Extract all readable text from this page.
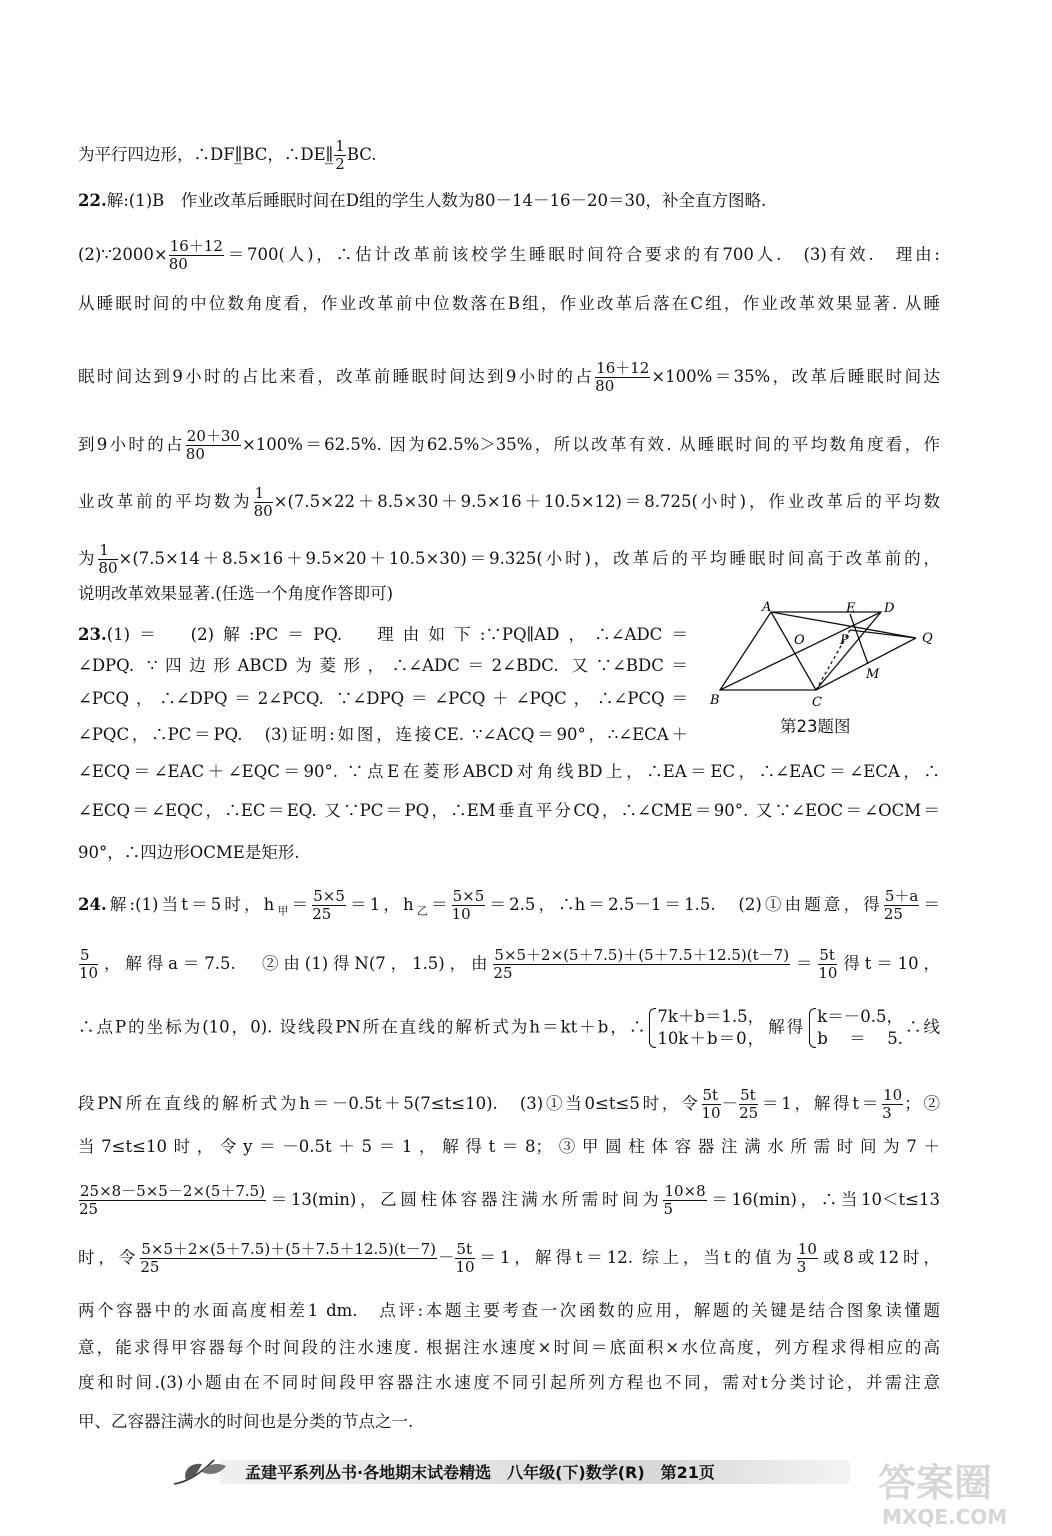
为平行四边形，∴DF∥̲BC，∴DE∥̲ $\frac{1}{2}$ BC.
22.解:(1)B　作业改革后睡眠时间在D组的学生人数为80－14－16－20＝30，补全直方图略.
(2)∵2000× $\frac{16+12}{80} =700$(人)，∴估计改革前该校学生睡眠时间符合要求的有700人.　(3)有效.　理由:
从睡眠时间的中位数角度看，作业改革前中位数落在B组，作业改革后落在C组，作业改革效果显著. 从睡
眠时间达到9小时的占比来看，改革前睡眠时间达到9小时的占 $\frac{16+12}{80} \times 100\%=35\%$，改革后睡眠时间达
到9小时的占 $\frac{20+30}{80} \times 100\%=62.5\%$. 因为62.5%＞35%，所以改革有效. 从睡眠时间的平均数角度看，作
业改革前的平均数为 $\frac{1}{80} \times(7.5\times 22+8.5\times 30+9.5\times 16+10.5\times 12)=8.725$(小时)，作业改革后的平均数
为 $\frac{1}{80} \times(7.5\times 14+8.5\times 16+9.5\times 20+10.5\times 30)=9.325$(小时)，改革后的平均睡眠时间高于改革前的，
说明改革效果显著.(任选一个角度作答即可)
23.(1)＝　(2)解:PC＝PQ.　理由如下:∵PQ∥AD，∴∠ADC＝
∠DPQ. ∵四边形ABCD为菱形，∴∠ADC＝2∠BDC. 又∵∠BDC＝
∠PCQ，∴∠DPQ＝2∠PCQ. ∵∠DPQ＝∠PCQ＋∠PQC，∴∠PCQ＝
∠PQC，∴PC＝PQ.　(3)证明:如图，连接CE. ∵∠ACQ＝90°，∴∠ECA＋
∠ECQ＝∠EAC＋∠EQC＝90°. ∵点E在菱形ABCD对角线BD上，∴EA＝EC，∴∠EAC＝∠ECA，∴
∠ECQ＝∠EQC，∴EC＝EQ. 又∵PC＝PQ，∴EM垂直平分CQ，∴∠CME＝90°. 又∵∠EOC＝∠OCM＝
90°，∴四边形OCME是矩形.
A	D
B	C
E
O	P	Q
M
第23题图
24.解:(1)当t＝5时，$h_甲= \frac{5\times 5}{25} =1$，$h_乙= \frac{5\times 5}{10} =2.5$，∴h＝2.5－1＝1.5.　(2)①由题意，得 $\frac{5+a}{25}$ ＝
$\frac{5}{10}$ ，解得a＝7.5.　②由(1)得N(7，1.5)，由 $\frac{5\times 5+2\times(5+7.5)+(5+7.5+12.5)(t-7)}{25} = \frac{5t}{10}$ 得t＝10，
∴点P的坐标为(10，0). 设线段PN所在直线的解析式为h＝kt＋b，∴
7k＋b＝1.5，
10k＋b＝0，
解得
k＝－0.5，
b＝5.
∴线
段PN所在直线的解析式为h＝－0.5t＋5(7≤t≤10).　(3)①当0≤t≤5时，令 $\frac{5t}{10} - \frac{5t}{25} =1$，解得$t= \frac{10}{3}$ ；②
当7≤t≤10时，令y＝－0.5t＋5＝1，解得t＝8；③甲圆柱体容器注满水所需时间为7＋
$\frac{25\times 8-5\times 5-2\times(5+7.5)}{25} =13(\min)$，乙圆柱体容器注满水所需时间为 $\frac{10\times 8}{5} =16(\min)$，∴当10＜t≤13
时，令 $\frac{5\times 5+2\times(5+7.5)+(5+7.5+12.5)(t-7)}{25} - \frac{5t}{10} =1$，解得t＝12. 综上，当t的值为 $\frac{10}{3}$ 或8或12时，
两个容器中的水面高度相差1 dm.　点评:本题主要考查一次函数的应用，解题的关键是结合图象读懂题
意，能求得甲容器每个时间段的注水速度. 根据注水速度×时间＝底面积×水位高度，列方程求得相应的高
度和时间.(3)小题由在不同时间段甲容器注水速度不同引起所列方程也不同，需对t分类讨论，并需注意
甲、乙容器注满水的时间也是分类的节点之一.
孟建平系列丛书·各地期末试卷精选　八年级(下)数学(R)　第21页	答案圈
MXQE.COM
